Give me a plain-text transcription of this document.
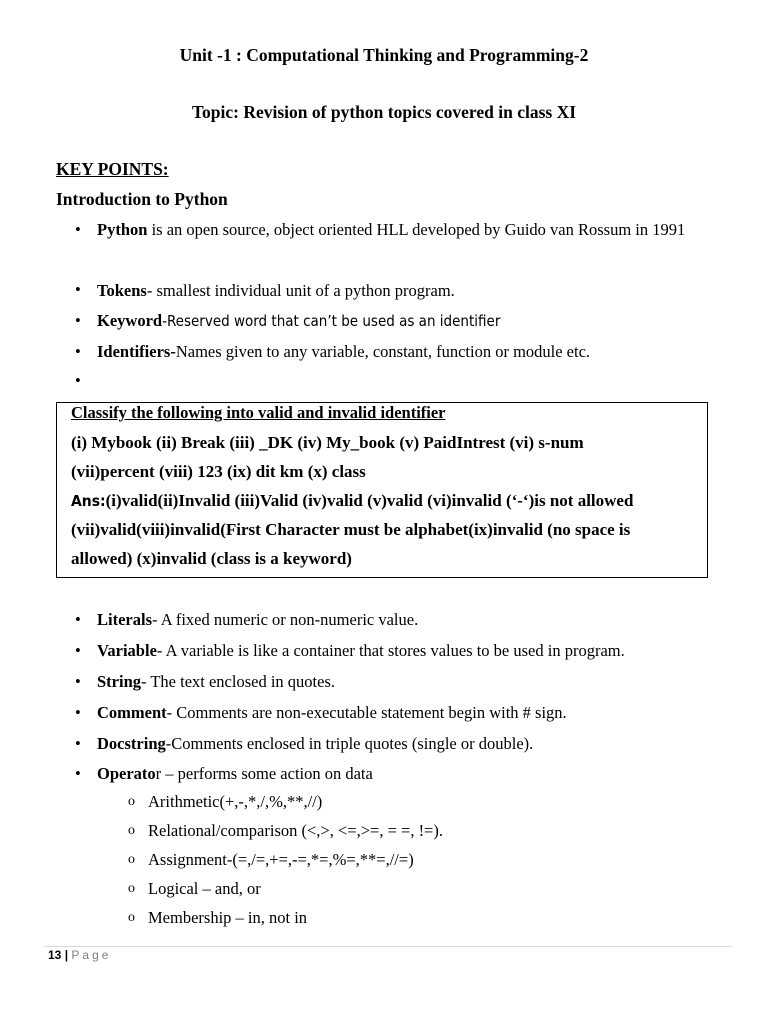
Unit -1 : Computational Thinking and Programming-2
Topic: Revision of python topics covered in class XI
KEY POINTS:
Introduction to Python
• Python is an open source, object oriented HLL developed by Guido van Rossum in 1991
• Tokens- smallest individual unit of a python program.
• Keyword-Reserved word that can’t be used as an identifier
• Identifiers-Names given to any variable, constant, function or module etc.
•
Classify the following into valid and invalid identifier
(i) Mybook (ii) Break (iii) _DK (iv) My_book (v) PaidIntrest (vi) s-num
(vii)percent (viii) 123 (ix) dit km (x) class
Ans:(i)valid(ii)Invalid (iii)Valid (iv)valid (v)valid (vi)invalid (‘-‘)is not allowed
(vii)valid(viii)invalid(First Character must be alphabet(ix)invalid (no space is
allowed) (x)invalid (class is a keyword)
• Literals- A fixed numeric or non-numeric value.
• Variable- A variable is like a container that stores values to be used in program.
• String- The text enclosed in quotes.
• Comment- Comments are non-executable statement begin with # sign.
• Docstring-Comments enclosed in triple quotes (single or double).
• Operator – performs some action on data
o Arithmetic(+,-,*,/,%,**,//)
o Relational/comparison (<,>, <=,>=, = =, !=).
o Assignment-(=,/=,+=,-=,*=,%=,**=,//=)
o Logical – and, or
o Membership – in, not in
13 | Page
